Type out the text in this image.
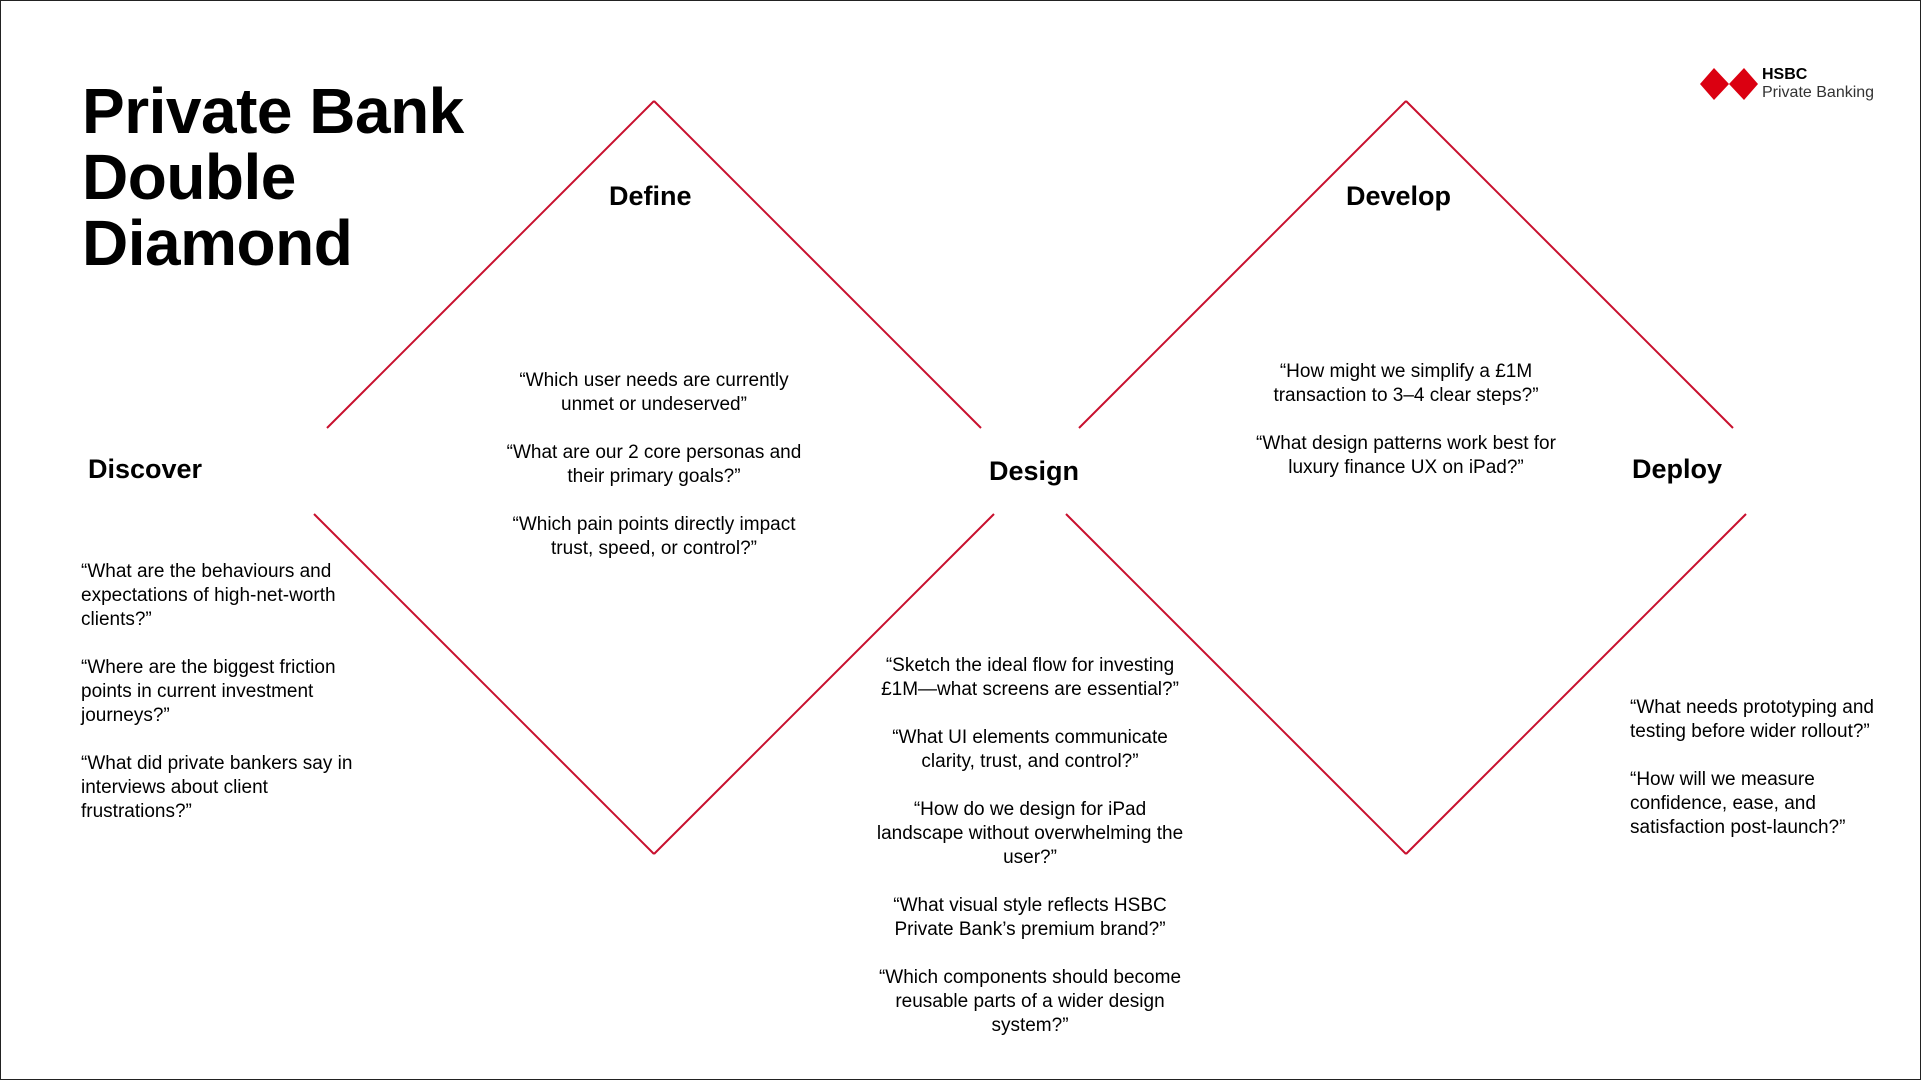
Private Bank
Double
Diamond
HSBC
Private Banking
Discover
Define
Design
Develop
Deploy

“What are the behaviours and expectations of high-net-worth clients?”

“Where are the biggest friction points in current investment journeys?”

“What did private bankers say in interviews about client frustrations?”

“Which user needs are currently unmet or undeserved”

“What are our 2 core personas and their primary goals?”

“Which pain points directly impact trust, speed, or control?”

“Sketch the ideal flow for investing £1M—what screens are essential?”

“What UI elements communicate clarity, trust, and control?”

“How do we design for iPad landscape without overwhelming the user?”

“What visual style reflects HSBC Private Bank’s premium brand?”

“Which components should become reusable parts of a wider design system?”

“How might we simplify a £1M transaction to 3–4 clear steps?”

“What design patterns work best for luxury finance UX on iPad?”

“What needs prototyping and testing before wider rollout?”

“How will we measure confidence, ease, and satisfaction post-launch?”
